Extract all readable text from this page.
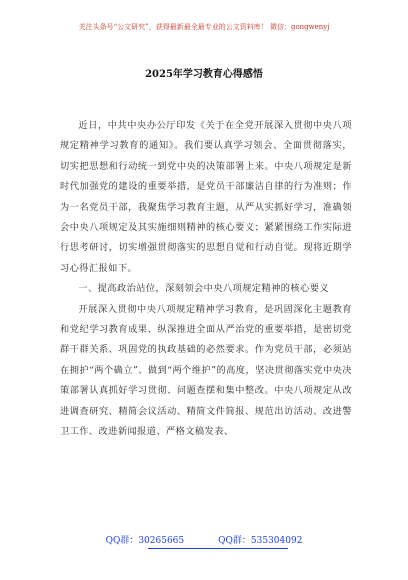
关注头条号“公文研究”，获得最新最全最专业的公文资料库！ 微信：gongwenyj
2025年学习教育心得感悟

近日，中共中央办公厅印发《关于在全党开展深入贯彻中央八项规定精神学习教育的通知》。我们要认真学习领会、全面贯彻落实，切实把思想和行动统一到党中央的决策部署上来。中央八项规定是新时代加强党的建设的重要举措，是党员干部廉洁自律的行为准则；作为一名党员干部，我聚焦学习教育主题，从严从实抓好学习，准确领会中央八项规定及其实施细则精神的核心要义；紧紧围绕工作实际进行思考研讨，切实增强贯彻落实的思想自觉和行动自觉。现将近期学习心得汇报如下。

一、提高政治站位，深刻领会中央八项规定精神的核心要义

开展深入贯彻中央八项规定精神学习教育，是巩固深化主题教育和党纪学习教育成果、纵深推进全面从严治党的重要举措，是密切党群干群关系、巩固党的执政基础的必然要求。作为党员干部，必须站在拥护“两个确立”、做到“两个维护”的高度，坚决贯彻落实党中央决策部署认真抓好学习贯彻、问题查摆和集中整改。中央八项规定从改进调查研究、精简会议活动、精简文件简报、规范出访活动、改进警卫工作、改进新闻报道、严格文稿发表、

QQ群：30265665	QQ群：535304092
